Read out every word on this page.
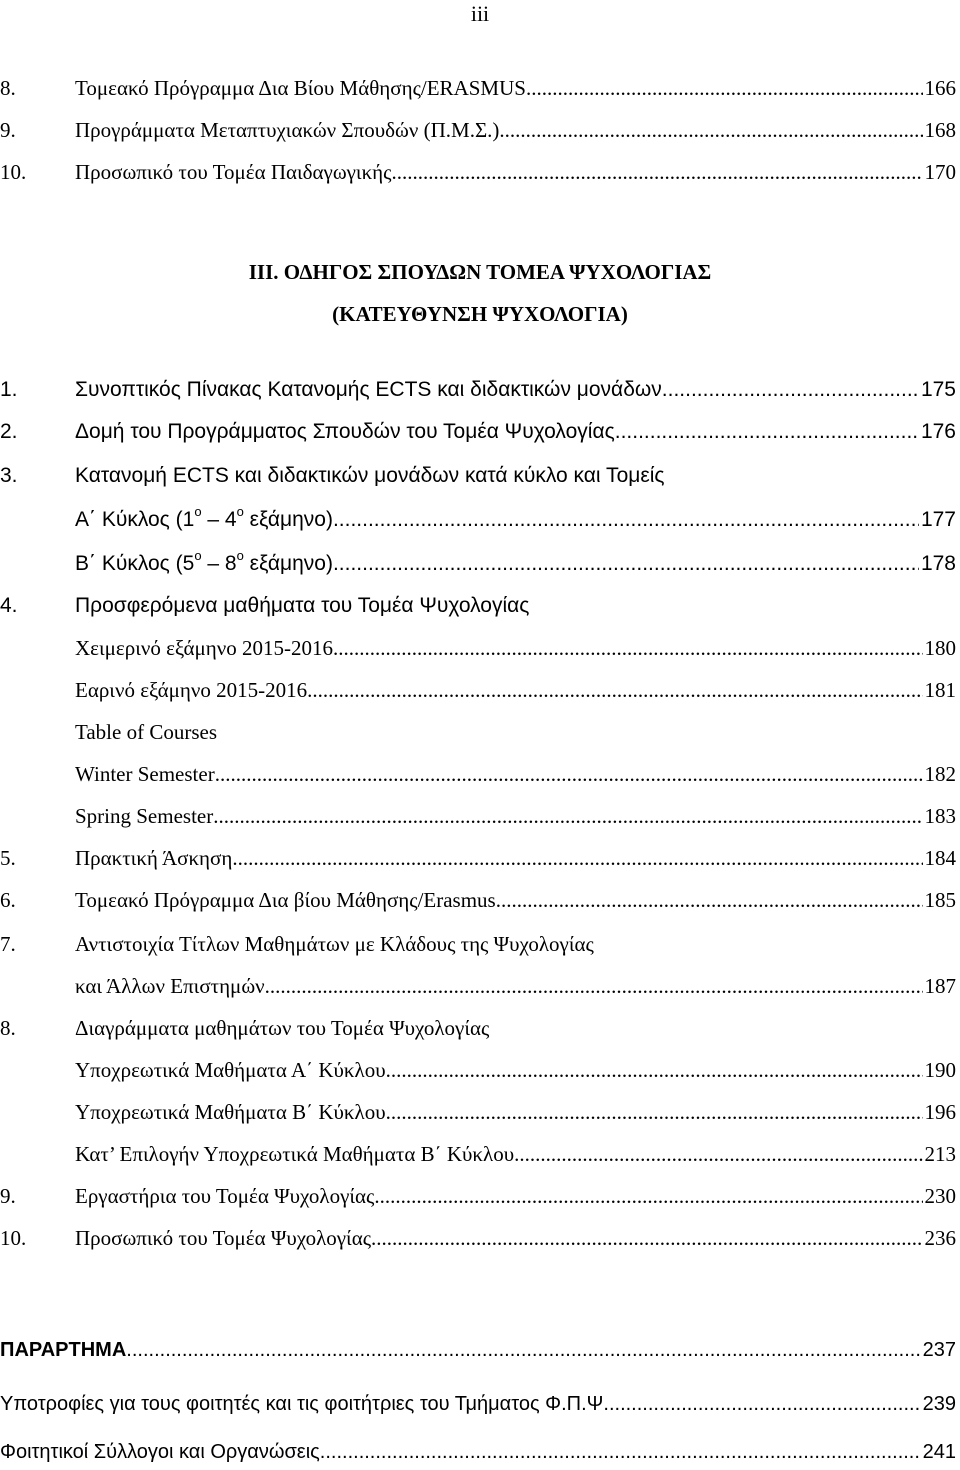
iii
8.	Τομεακό Πρόγραμμα Δια Βίου Μάθησης/ERASMUS .....	166
9.	Προγράμματα Μεταπτυχιακών Σπουδών (Π.Μ.Σ.) .....	168
10. Προσωπικό του Τομέα Παιδαγωγικής .....	170
III. ΟΔΗΓΟΣ ΣΠΟΥΔΩΝ ΤΟΜΕΑ ΨΥΧΟΛΟΓΙΑΣ
(ΚΑΤΕΥΘΥΝΣΗ ΨΥΧΟΛΟΓΙΑ)
1.	Συνοπτικός Πίνακας Κατανομής ECTS και διδακτικών μονάδων .....	175
2.	Δομή του Προγράμματος Σπουδών του Τομέα Ψυχολογίας .....	176
3.	Κατανομή ECTS και διδακτικών μονάδων κατά κύκλο και Τομείς
Α΄ Κύκλος ($1^o - 4^o$ εξάμηνο) .....	177
Β΄ Κύκλος ($5^o - 8^o$ εξάμηνο) .....	178
4.	Προσφερόμενα μαθήματα του Τομέα Ψυχολογίας
Χειμερινό εξάμηνο 2015-2016 .....	180
Εαρινό εξάμηνο 2015-2016 .....	181
Table of Courses
Winter Semester .....	182
Spring Semester .....	183
5.	Πρακτική Άσκηση .....	184
6.	Τομεακό Πρόγραμμα Δια βίου Μάθησης/Erasmus .....	185
7.	Αντιστοιχία Τίτλων Μαθημάτων με Κλάδους της Ψυχολογίας
και Άλλων Επιστημών .....	187
8.	Διαγράμματα μαθημάτων του Τομέα Ψυχολογίας
Υποχρεωτικά Μαθήματα Α΄ Κύκλου .....	190
Υποχρεωτικά Μαθήματα Β΄ Κύκλου .....	196
Κατ’ Επιλογήν Υποχρεωτικά Μαθήματα Β΄ Κύκλου .....	213
9.	Εργαστήρια του Τομέα Ψυχολογίας .....	230
10. Προσωπικό του Τομέα Ψυχολογίας .....	236
ΠΑΡΑΡΤΗΜΑ .....	237
Υποτροφίες για τους φοιτητές και τις φοιτήτριες του Τμήματος Φ.Π.Ψ. .....	239
Φοιτητικοί Σύλλογοι και Οργανώσεις .....	241
